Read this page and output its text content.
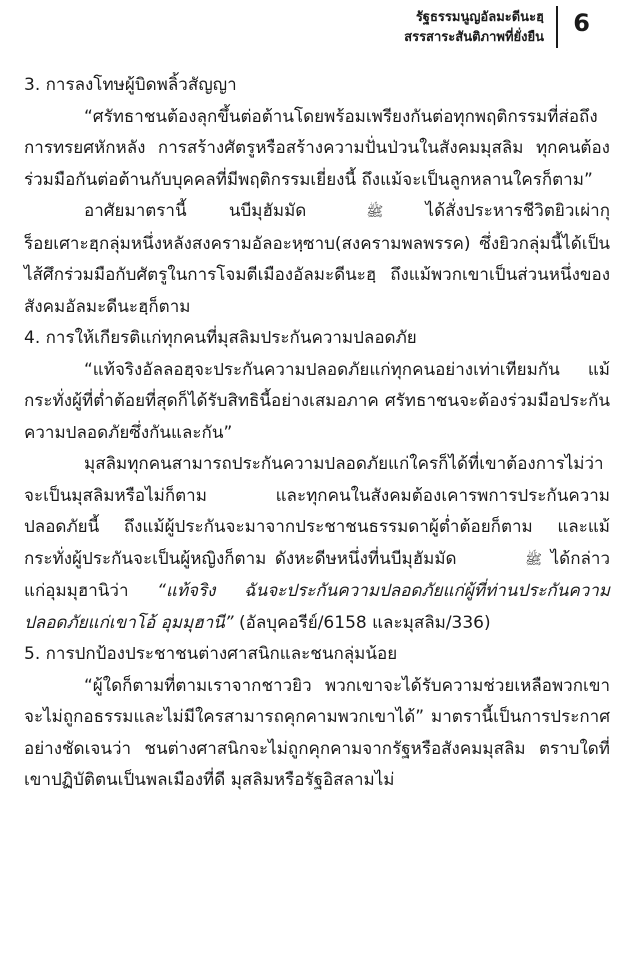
รัฐธรรมนูญอัลมะดีนะฮฺ
สรรสาระสันติภาพที่ยั่งยืน
6

3. การลงโทษผู้บิดพลิ้วสัญญา

“ศรัทธาชนต้องลุกขึ้นต่อต้านโดยพร้อมเพรียงกันต่อทุกพฤติกรรมที่ส่อถึงการทรยศหักหลัง การสร้างศัตรูหรือสร้างความปั่นป่วนในสังคมมุสลิม ทุกคนต้องร่วมมือกันต่อต้านกับบุคคลที่มีพฤติกรรมเยี่ยงนี้ ถึงแม้จะเป็นลูกหลานใครก็ตาม”

อาศัยมาตรานี้ นบีมุฮัมมัด	ﷺ ได้สั่งประหารชีวิตยิวเผ่ากุร็อยเศาะฮฺกลุ่มหนึ่งหลังสงครามอัลอะหฺซาบ(สงครามพลพรรค) ซึ่งยิวกลุ่มนี้ได้เป็นไส้ศึกร่วมมือกับศัตรูในการโจมตีเมืองอัลมะดีนะฮฺ ถึงแม้พวกเขาเป็นส่วนหนึ่งของสังคมอัลมะดีนะฮฺก็ตาม

4. การให้เกียรติแก่ทุกคนที่มุสลิมประกันความปลอดภัย

“แท้จริงอัลลอฮฺจะประกันความปลอดภัยแก่ทุกคนอย่างเท่าเทียมกัน แม้กระทั่งผู้ที่ต่ำต้อยที่สุดก็ได้รับสิทธินี้อย่างเสมอภาค ศรัทธาชนจะต้องร่วมมือประกันความปลอดภัยซึ่งกันและกัน”

มุสลิมทุกคนสามารถประกันความปลอดภัยแก่ใครก็ได้ที่เขาต้องการไม่ว่าจะเป็นมุสลิมหรือไม่ก็ตาม และทุกคนในสังคมต้องเคารพการประกันความปลอดภัยนี้ ถึงแม้ผู้ประกันจะมาจากประชาชนธรรมดาผู้ต่ำต้อยก็ตาม และแม้กระทั่งผู้ประกันจะเป็นผู้หญิงก็ตาม ดังหะดีษหนึ่งที่นบีมุฮัมมัด	ﷺ ได้กล่าวแก่อุมมุฮานิว่า “แท้จริง ฉันจะประกันความปลอดภัยแก่ผู้ที่ท่านประกันความปลอดภัยแก่เขาโอ้ อุมมุฮานี” (อัลบุคอรีย์/6158 และมุสลิม/336)

5. การปกป้องประชาชนต่างศาสนิกและชนกลุ่มน้อย

“ผู้ใดก็ตามที่ตามเราจากชาวยิว พวกเขาจะได้รับความช่วยเหลือพวกเขาจะไม่ถูกอธรรมและไม่มีใครสามารถคุกคามพวกเขาได้” มาตรานี้เป็นการประกาศอย่างชัดเจนว่า ชนต่างศาสนิกจะไม่ถูกคุกคามจากรัฐหรือสังคมมุสลิม ตราบใดที่เขาปฏิบัติตนเป็นพลเมืองที่ดี มุสลิมหรือรัฐอิสลามไม่
